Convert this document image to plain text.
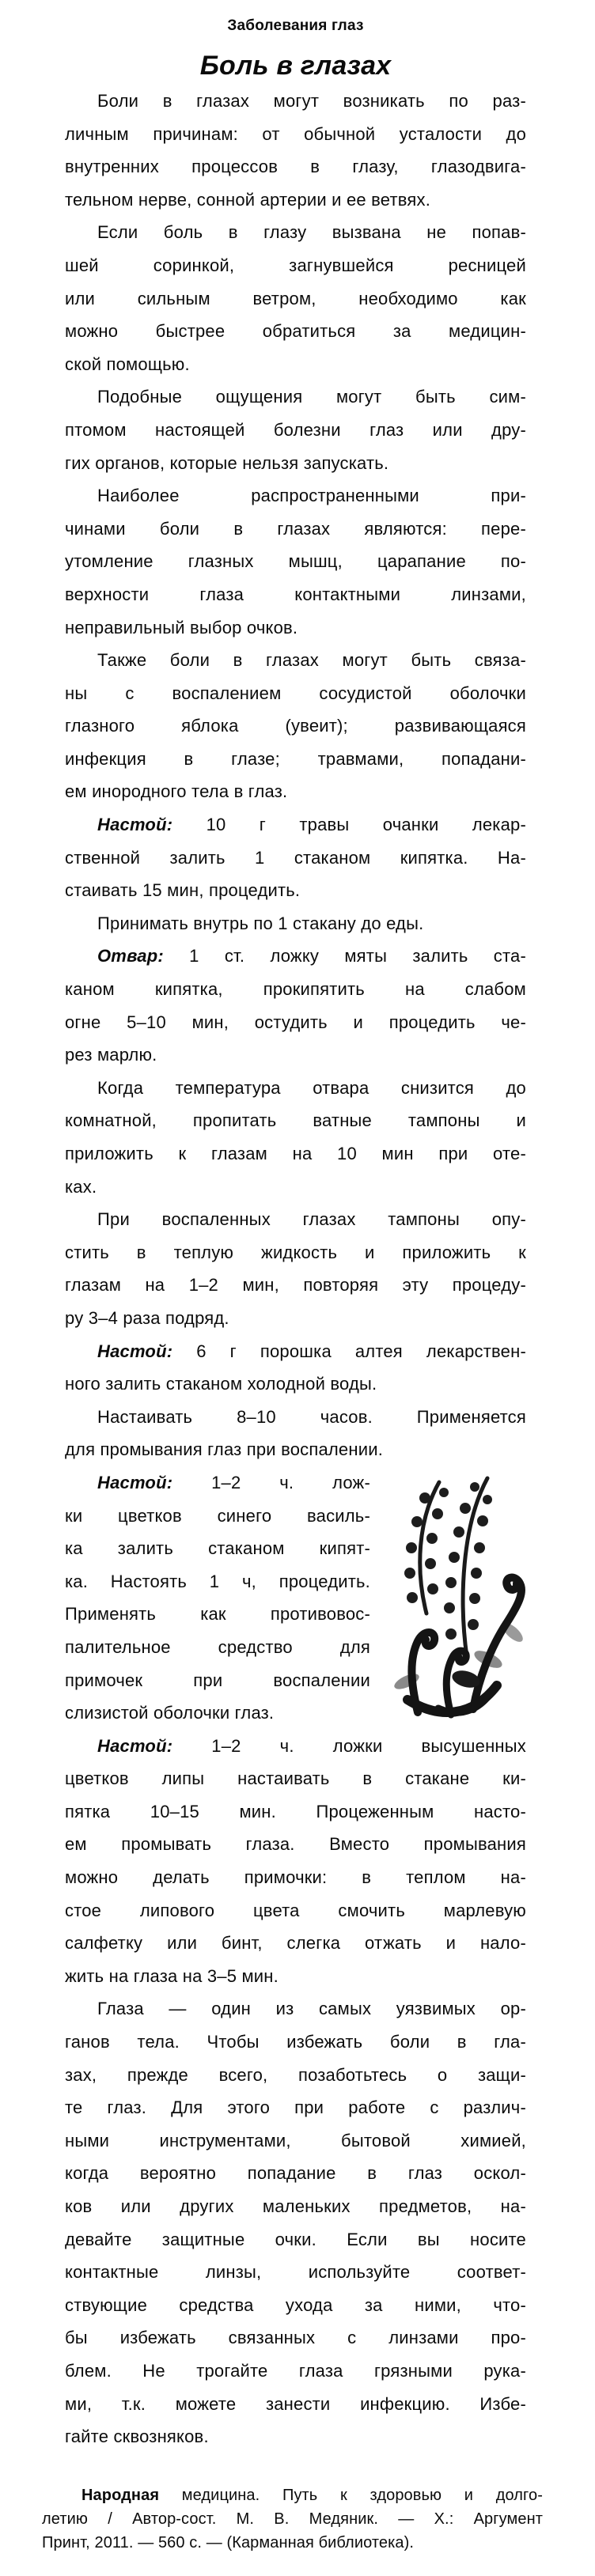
Заболевания глаз
Боль в глазах
Боли в глазах могут возникать по раз-
личным причинам: от обычной усталости до
внутренних процессов в глазу, глазодвига-
тельном нерве, сонной артерии и ее ветвях.
Если боль в глазу вызвана не попав-
шей соринкой, загнувшейся ресницей
или сильным ветром, необходимо как
можно быстрее обратиться за медицин-
ской помощью.
Подобные ощущения могут быть сим-
птомом настоящей болезни глаз или дру-
гих органов, которые нельзя запускать.
Наиболее распространенными при-
чинами боли в глазах являются: пере-
утомление глазных мышц, царапание по-
верхности глаза контактными линзами,
неправильный выбор очков.
Также боли в глазах могут быть связа-
ны с воспалением сосудистой оболочки
глазного яблока (увеит); развивающаяся
инфекция в глазе; травмами, попадани-
ем инородного тела в глаз.
Настой: 10 г травы очанки лекар-
ственной залить 1 стаканом кипятка. На-
стаивать 15 мин, процедить.
Принимать внутрь по 1 стакану до еды.
Отвар: 1 ст. ложку мяты залить ста-
каном кипятка, прокипятить на слабом
огне 5–10 мин, остудить и процедить че-
рез марлю.
Когда температура отвара снизится до
комнатной, пропитать ватные тампоны и
приложить к глазам на 10 мин при оте-
ках.
При воспаленных глазах тампоны опу-
стить в теплую жидкость и приложить к
глазам на 1–2 мин, повторяя эту процеду-
ру 3–4 раза подряд.
Настой: 6 г порошка алтея лекарствен-
ного залить стаканом холодной воды.
Настаивать 8–10 часов. Применяется
для промывания глаз при воспалении.
Настой: 1–2 ч. лож-
ки цветков синего василь-
ка залить стаканом кипят-
ка. Настоять 1 ч, процедить.
Применять как противовос-
палительное средство для
примочек при воспалении
слизистой оболочки глаз.
Настой: 1–2 ч. ложки высушенных
цветков липы настаивать в стакане ки-
пятка 10–15 мин. Процеженным насто-
ем промывать глаза. Вместо промывания
можно делать примочки: в теплом на-
стое липового цвета смочить марлевую
салфетку или бинт, слегка отжать и нало-
жить на глаза на 3–5 мин.
Глаза — один из самых уязвимых ор-
ганов тела. Чтобы избежать боли в гла-
зах, прежде всего, позаботьтесь о защи-
те глаз. Для этого при работе с различ-
ными инструментами, бытовой химией,
когда вероятно попадание в глаз оскол-
ков или других маленьких предметов, на-
девайте защитные очки. Если вы носите
контактные линзы, используйте соответ-
ствующие средства ухода за ними, что-
бы избежать связанных с линзами про-
блем. Не трогайте глаза грязными рука-
ми, т.к. можете занести инфекцию. Избе-
гайте сквозняков.
Народная медицина. Путь к здоровью и долго-
летию / Автор-сост. М. В. Медяник. — Х.: Аргумент
Принт, 2011. — 560 с. — (Карманная библиотека).
